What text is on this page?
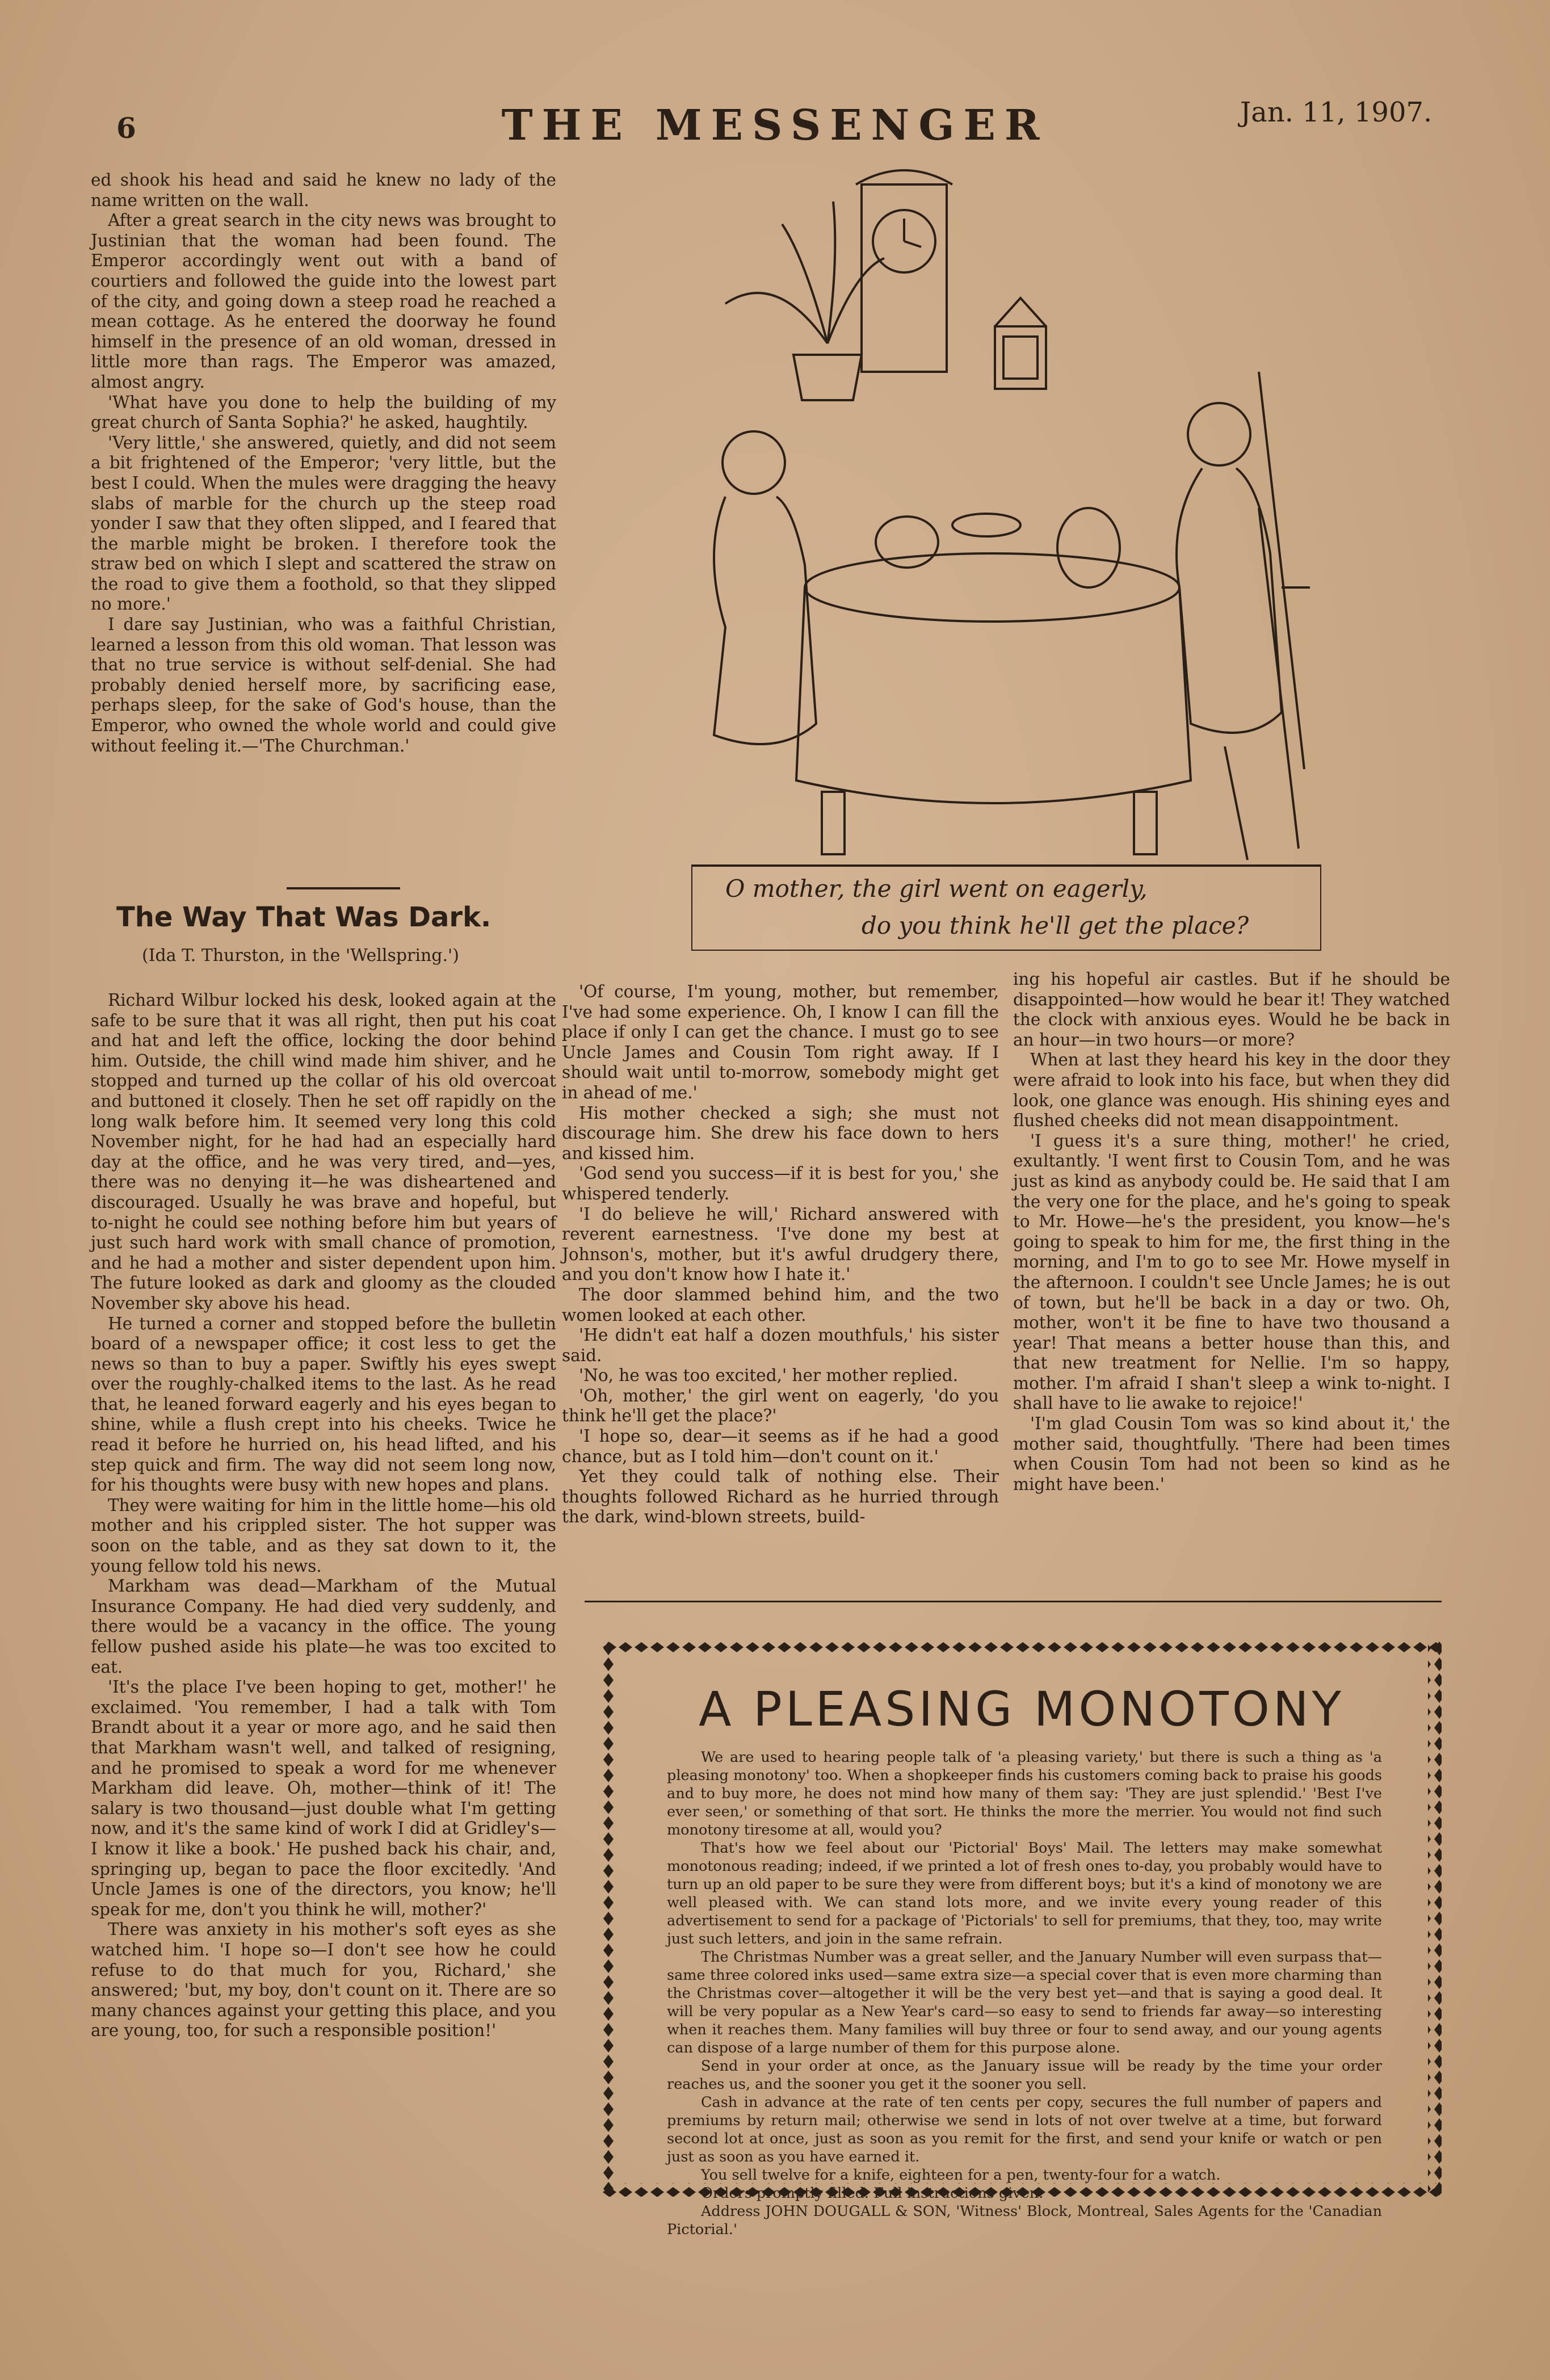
6	THE MESSENGER	Jan. 11, 1907.

ed shook his head and said he knew no lady of the name written on the wall.

After a great search in the city news was brought to Justinian that the woman had been found. The Emperor accordingly went out with a band of courtiers and followed the guide into the lowest part of the city, and going down a steep road he reached a mean cottage. As he entered the doorway he found himself in the presence of an old woman, dressed in little more than rags. The Emperor was amazed, almost angry.

'What have you done to help the building of my great church of Santa Sophia?' he asked, haughtily.

'Very little,' she answered, quietly, and did not seem a bit frightened of the Emperor; 'very little, but the best I could. When the mules were dragging the heavy slabs of marble for the church up the steep road yonder I saw that they often slipped, and I feared that the marble might be broken. I therefore took the straw bed on which I slept and scattered the straw on the road to give them a foothold, so that they slipped no more.'

I dare say Justinian, who was a faithful Christian, learned a lesson from this old woman. That lesson was that no true service is without self-denial. She had probably denied herself more, by sacrificing ease, perhaps sleep, for the sake of God's house, than the Emperor, who owned the whole world and could give without feeling it.—'The Churchman.'

The Way That Was Dark.
(Ida T. Thurston, in the 'Wellspring.')

Richard Wilbur locked his desk, looked again at the safe to be sure that it was all right, then put his coat and hat and left the office, locking the door behind him. Outside, the chill wind made him shiver, and he stopped and turned up the collar of his old overcoat and buttoned it closely. Then he set off rapidly on the long walk before him. It seemed very long this cold November night, for he had had an especially hard day at the office, and he was very tired, and—yes, there was no denying it—he was disheartened and discouraged. Usually he was brave and hopeful, but to-night he could see nothing before him but years of just such hard work with small chance of promotion, and he had a mother and sister dependent upon him. The future looked as dark and gloomy as the clouded November sky above his head.

He turned a corner and stopped before the bulletin board of a newspaper office; it cost less to get the news so than to buy a paper. Swiftly his eyes swept over the roughly-chalked items to the last. As he read that, he leaned forward eagerly and his eyes began to shine, while a flush crept into his cheeks. Twice he read it before he hurried on, his head lifted, and his step quick and firm. The way did not seem long now, for his thoughts were busy with new hopes and plans.

They were waiting for him in the little home—his old mother and his crippled sister. The hot supper was soon on the table, and as they sat down to it, the young fellow told his news.

Markham was dead—Markham of the Mutual Insurance Company. He had died very suddenly, and there would be a vacancy in the office. The young fellow pushed aside his plate—he was too excited to eat.

'It's the place I've been hoping to get, mother!' he exclaimed. 'You remember, I had a talk with Tom Brandt about it a year or more ago, and he said then that Markham wasn't well, and talked of resigning, and he promised to speak a word for me whenever Markham did leave. Oh, mother—think of it! The salary is two thousand—just double what I'm getting now, and it's the same kind of work I did at Gridley's—I know it like a book.' He pushed back his chair, and, springing up, began to pace the floor excitedly. 'And Uncle James is one of the directors, you know; he'll speak for me, don't you think he will, mother?'

There was anxiety in his mother's soft eyes as she watched him. 'I hope so—I don't see how he could refuse to do that much for you, Richard,' she answered; 'but, my boy, don't count on it. There are so many chances against your getting this place, and you are young, too, for such a responsible position!'

'Of course, I'm young, mother, but remember, I've had some experience. Oh, I know I can fill the place if only I can get the chance. I must go to see Uncle James and Cousin Tom right away. If I should wait until to-morrow, somebody might get in ahead of me.'

His mother checked a sigh; she must not discourage him. She drew his face down to hers and kissed him.

'God send you success—if it is best for you,' she whispered tenderly.

'I do believe he will,' Richard answered with reverent earnestness. 'I've done my best at Johnson's, mother, but it's awful drudgery there, and you don't know how I hate it.'

The door slammed behind him, and the two women looked at each other.

'He didn't eat half a dozen mouthfuls,' his sister said.

'No, he was too excited,' her mother replied.

'Oh, mother,' the girl went on eagerly, 'do you think he'll get the place?'

'I hope so, dear—it seems as if he had a good chance, but as I told him—don't count on it.'

Yet they could talk of nothing else. Their thoughts followed Richard as he hurried through the dark, wind-blown streets, build-

ing his hopeful air castles. But if he should be disappointed—how would he bear it! They watched the clock with anxious eyes. Would he be back in an hour—in two hours—or more?

When at last they heard his key in the door they were afraid to look into his face, but when they did look, one glance was enough. His shining eyes and flushed cheeks did not mean disappointment.

'I guess it's a sure thing, mother!' he cried, exultantly. 'I went first to Cousin Tom, and he was just as kind as anybody could be. He said that I am the very one for the place, and he's going to speak to Mr. Howe—he's the president, you know—he's going to speak to him for me, the first thing in the morning, and I'm to go to see Mr. Howe myself in the afternoon. I couldn't see Uncle James; he is out of town, but he'll be back in a day or two. Oh, mother, won't it be fine to have two thousand a year! That means a better house than this, and that new treatment for Nellie. I'm so happy, mother. I'm afraid I shan't sleep a wink to-night. I shall have to lie awake to rejoice!'

'I'm glad Cousin Tom was so kind about it,' the mother said, thoughtfully. 'There had been times when Cousin Tom had not been so kind as he might have been.'

O mother, the girl went on eagerly,
do you think he'll get the place?
A PLEASING MONOTONY

We are used to hearing people talk of 'a pleasing variety,' but there is such a thing as 'a pleasing monotony' too. When a shopkeeper finds his customers coming back to praise his goods and to buy more, he does not mind how many of them say: 'They are just splendid.' 'Best I've ever seen,' or something of that sort. He thinks the more the merrier. You would not find such monotony tiresome at all, would you?

That's how we feel about our 'Pictorial' Boys' Mail. The letters may make somewhat monotonous reading; indeed, if we printed a lot of fresh ones to-day, you probably would have to turn up an old paper to be sure they were from different boys; but it's a kind of monotony we are well pleased with. We can stand lots more, and we invite every young reader of this advertisement to send for a package of 'Pictorials' to sell for premiums, that they, too, may write just such letters, and join in the same refrain.

The Christmas Number was a great seller, and the January Number will even surpass that—same three colored inks used—same extra size—a special cover that is even more charming than the Christmas cover—altogether it will be the very best yet—and that is saying a good deal. It will be very popular as a New Year's card—so easy to send to friends far away—so interesting when it reaches them. Many families will buy three or four to send away, and our young agents can dispose of a large number of them for this purpose alone.

Send in your order at once, as the January issue will be ready by the time your order reaches us, and the sooner you get it the sooner you sell.

Cash in advance at the rate of ten cents per copy, secures the full number of papers and premiums by return mail; otherwise we send in lots of not over twelve at a time, but forward second lot at once, just as soon as you remit for the first, and send your knife or watch or pen just as soon as you have earned it.

You sell twelve for a knife, eighteen for a pen, twenty-four for a watch.

Orders promptly filled. Full instructions given.

Address JOHN DOUGALL & SON, 'Witness' Block, Montreal, Sales Agents for the 'Canadian Pictorial.'
